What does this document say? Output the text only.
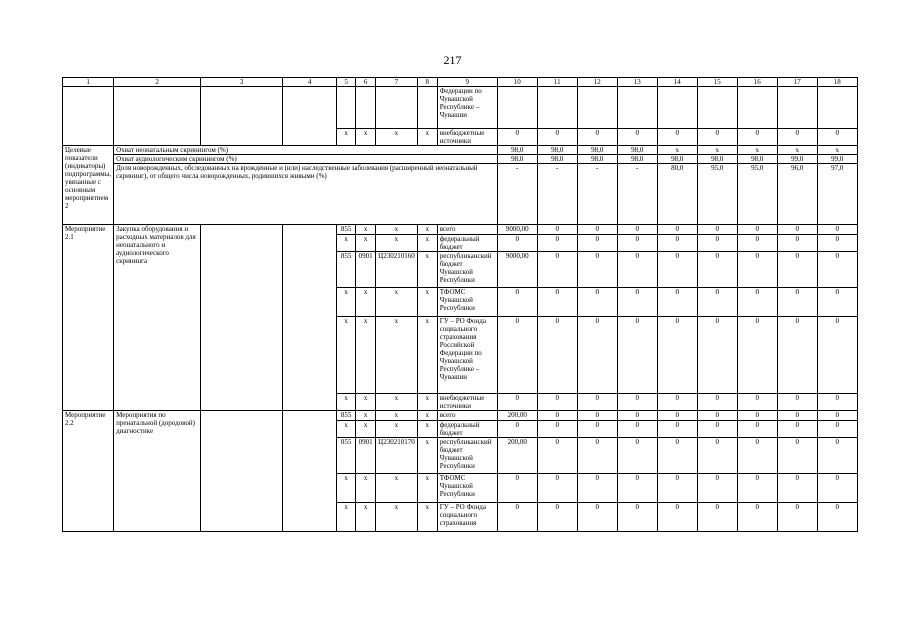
217
1	2	3	4	5	6	7	8	9	10	11	12	13	14	15	16	17	18
								Федерации по Чувашской Республике – Чувашии									
				x	x	x	x	внебюджетные источники	0	0	0	0	0	0	0	0	0
Целевые показатели (индикаторы) подпрограммы, увязанные с основным мероприятием 2	Охват неонатальным скринингом (%)								98,0	98,0	98,0	98,0	x	x	x	x	x
	Охват аудиологическим скринингом (%)								98,0	98,0	98,0	98,0	98,0	98,0	98,0	99,0	99,0
	Доля новорожденных, обследованных на врожденные и (или) наследственные заболевания (расширенный неонатальный скрининг), от общего числа новорожденных, родившихся живыми (%)								-	-	-	-	80,0	95,0	95,0	96,0	97,0
Мероприятие 2.1	Закупка оборудования и расходных материалов для неонатального и аудиологического скрининга			855	x	x	x	всего	9000,00	0	0	0	0	0	0	0	0
				x	x	x	x	федеральный бюджет	0	0	0	0	0	0	0	0	0
				855	0901	Ц230210160	x	республиканский бюджет Чувашской Республики	9000,00	0	0	0	0	0	0	0	0
				x	x	x	x	ТФОМС Чувашской Республики	0	0	0	0	0	0	0	0	0
				x	x	x	x	ГУ – РО Фонда социального страхования Российской Федерации по Чувашской Республике – Чувашии	0	0	0	0	0	0	0	0	0
				x	x	x	x	внебюджетные источники	0	0	0	0	0	0	0	0	0
Мероприятие 2.2	Мероприятия по пренатальной (дородовой) диагностике			855	x	x	x	всего	200,00	0	0	0	0	0	0	0	0
				x	x	x	x	федеральный бюджет	0	0	0	0	0	0	0	0	0
				855	0901	Ц230210170	x	республиканский бюджет Чувашской Республики	200,00	0	0	0	0	0	0	0	0
				x	x	x	x	ТФОМС Чувашской Республики	0	0	0	0	0	0	0	0	0
				x	x	x	x	ГУ – РО Фонда социального страхования	0	0	0	0	0	0	0	0	0
